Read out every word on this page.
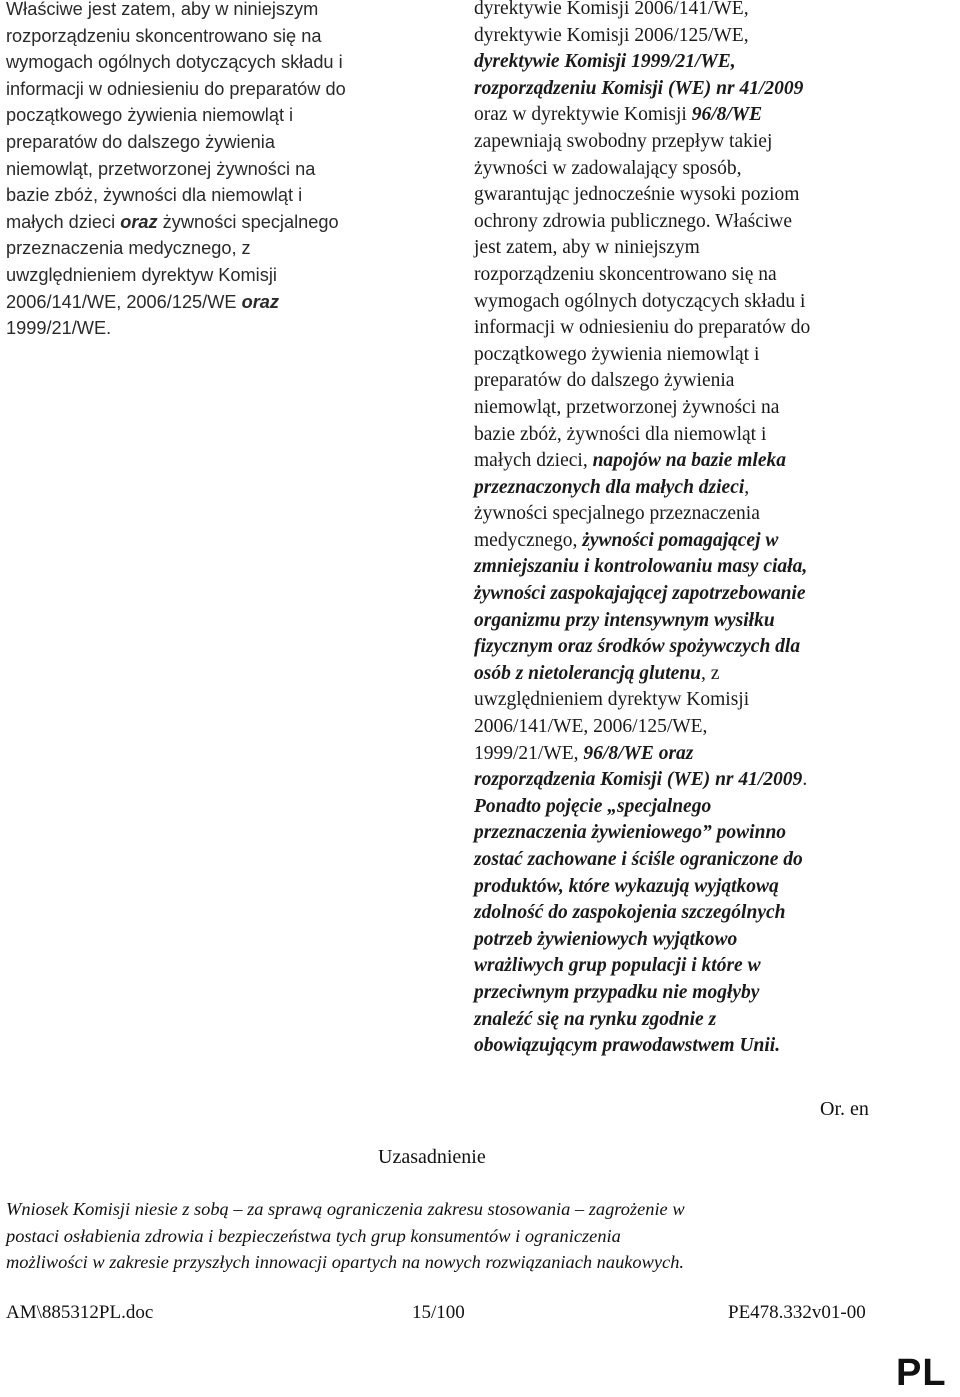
Właściwe jest zatem, aby w niniejszym
rozporządzeniu skoncentrowano się na
wymogach ogólnych dotyczących składu i
informacji w odniesieniu do preparatów do
początkowego żywienia niemowląt i
preparatów do dalszego żywienia
niemowląt, przetworzonej żywności na
bazie zbóż, żywności dla niemowląt i
małych dzieci oraz żywności specjalnego
przeznaczenia medycznego, z
uwzględnieniem dyrektyw Komisji
2006/141/WE, 2006/125/WE oraz
1999/21/WE.
dyrektywie Komisji 2006/141/WE,
dyrektywie Komisji 2006/125/WE,
dyrektywie Komisji 1999/21/WE,
rozporządzeniu Komisji (WE) nr 41/2009
oraz w dyrektywie Komisji 96/8/WE
zapewniają swobodny przepływ takiej
żywności w zadowalający sposób,
gwarantując jednocześnie wysoki poziom
ochrony zdrowia publicznego. Właściwe
jest zatem, aby w niniejszym
rozporządzeniu skoncentrowano się na
wymogach ogólnych dotyczących składu i
informacji w odniesieniu do preparatów do
początkowego żywienia niemowląt i
preparatów do dalszego żywienia
niemowląt, przetworzonej żywności na
bazie zbóż, żywności dla niemowląt i
małych dzieci, napojów na bazie mleka
przeznaczonych dla małych dzieci,
żywności specjalnego przeznaczenia
medycznego, żywności pomagającej w
zmniejszaniu i kontrolowaniu masy ciała,
żywności zaspokajającej zapotrzebowanie
organizmu przy intensywnym wysiłku
fizycznym oraz środków spożywczych dla
osób z nietolerancją glutenu, z
uwzględnieniem dyrektyw Komisji
2006/141/WE, 2006/125/WE,
1999/21/WE, 96/8/WE oraz
rozporządzenia Komisji (WE) nr 41/2009.
Ponadto pojęcie „specjalnego
przeznaczenia żywieniowego” powinno
zostać zachowane i ściśle ograniczone do
produktów, które wykazują wyjątkową
zdolność do zaspokojenia szczególnych
potrzeb żywieniowych wyjątkowo
wrażliwych grup populacji i które w
przeciwnym przypadku nie mogłyby
znaleźć się na rynku zgodnie z
obowiązującym prawodawstwem Unii.
Or. en
Uzasadnienie
Wniosek Komisji niesie z sobą – za sprawą ograniczenia zakresu stosowania – zagrożenie w
postaci osłabienia zdrowia i bezpieczeństwa tych grup konsumentów i ograniczenia
możliwości w zakresie przyszłych innowacji opartych na nowych rozwiązaniach naukowych.
AM\885312PL.doc	15/100	PE478.332v01-00
PL
